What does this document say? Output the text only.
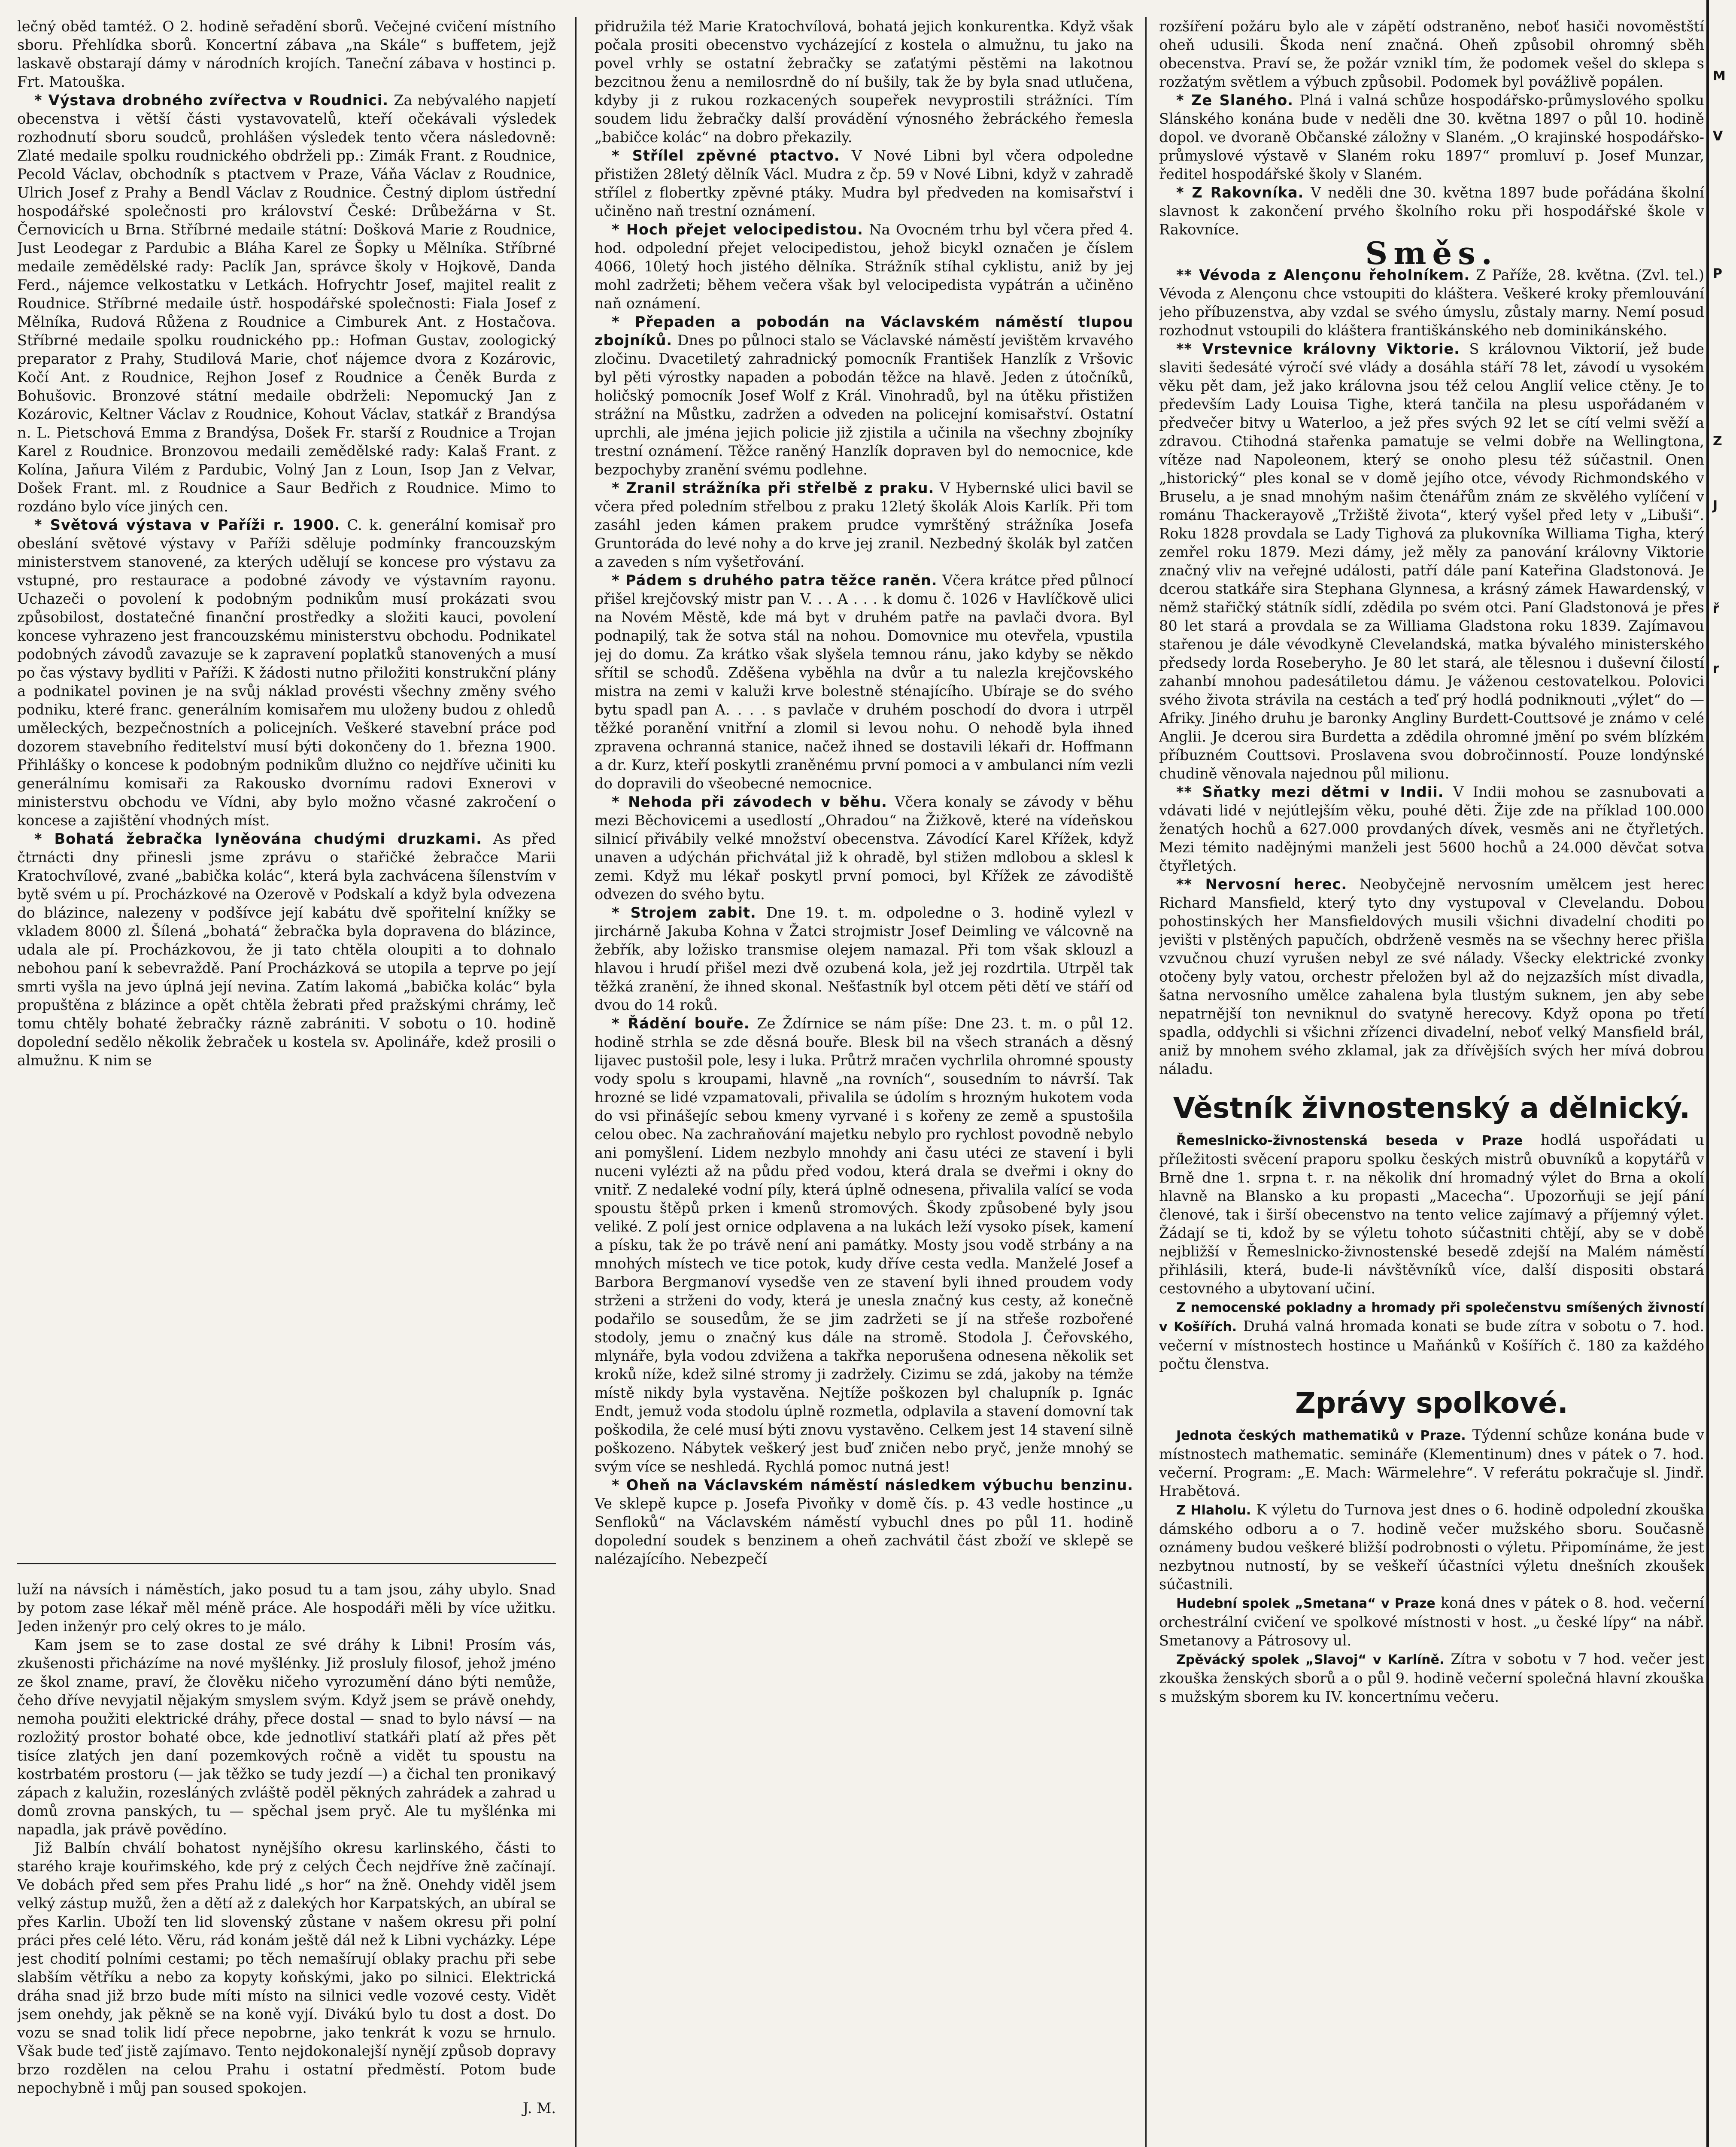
lečný oběd tamtéž. O 2. hodině seřadění sborů. Večejné cvičení místního sboru. Přehlídka sborů. Koncertní zábava „na Skále“ s buffetem, jejž laskavě obstarají dámy v národních krojích. Taneční zábava v hostinci p. Frt. Matouška.

* Výstava drobného zvířectva v Roudnici. Za nebývalého napjetí obecenstva i větší části vystavovatelů, kteří očekávali výsledek rozhodnutí sboru soudců, prohlášen výsledek tento včera následovně: Zlaté medaile spolku roudnického obdrželi pp.: Zimák Frant. z Roudnice, Pecold Václav, obchodník s ptactvem v Praze, Váňa Václav z Roudnice, Ulrich Josef z Prahy a Bendl Václav z Roudnice. Čestný diplom ústřední hospodářské společnosti pro království České: Drůbežárna v St. Černovicích u Brna. Stříbrné medaile státní: Došková Marie z Roudnice, Just Leodegar z Pardubic a Bláha Karel ze Šopky u Mělníka. Stříbrné medaile zemědělské rady: Paclík Jan, správce školy v Hojkově, Danda Ferd., nájemce velkostatku v Letkách. Hofrychtr Josef, majitel realit z Roudnice. Stříbrné medaile ústř. hospodářské společnosti: Fiala Josef z Mělníka, Rudová Růžena z Roudnice a Cimburek Ant. z Hostačova. Stříbrné medaile spolku roudnického pp.: Hofman Gustav, zoologický preparator z Prahy, Studilová Marie, choť nájemce dvora z Kozárovic, Kočí Ant. z Roudnice, Rejhon Josef z Roudnice a Čeněk Burda z Bohušovic. Bronzové státní medaile obdrželi: Nepomucký Jan z Kozárovic, Keltner Václav z Roudnice, Kohout Václav, statkář z Brandýsa n. L. Pietschová Emma z Brandýsa, Došek Fr. starší z Roudnice a Trojan Karel z Roudnice. Bronzovou medaili zemědělské rady: Kalaš Frant. z Kolína, Jaňura Vilém z Pardubic, Volný Jan z Loun, Isop Jan z Velvar, Došek Frant. ml. z Roudnice a Saur Bedřich z Roudnice. Mimo to rozdáno bylo více jiných cen.

* Světová výstava v Paříži r. 1900. C. k. generální komisař pro obeslání světové výstavy v Paříži sděluje podmínky francouzským ministerstvem stanovené, za kterých udělují se koncese pro výstavu za vstupné, pro restaurace a podobné závody ve výstavním rayonu. Uchazeči o povolení k podobným podnikům musí prokázati svou způsobilost, dostatečné finanční prostředky a složiti kauci, povolení koncese vyhrazeno jest francouzskému ministerstvu obchodu. Podnikatel podobných závodů zavazuje se k zapravení poplatků stanovených a musí po čas výstavy bydliti v Paříži. K žádosti nutno přiložiti konstrukční plány a podnikatel povinen je na svůj náklad provésti všechny změny svého podniku, které franc. generálním komisařem mu uloženy budou z ohledů uměleckých, bezpečnostních a policejních. Veškeré stavební práce pod dozorem stavebního ředitelství musí býti dokončeny do 1. března 1900. Přihlášky o koncese k podobným podnikům dlužno co nejdříve učiniti ku generálnímu komisaři za Rakousko dvornímu radovi Exnerovi v ministerstvu obchodu ve Vídni, aby bylo možno včasné zakročení o koncese a zajištění vhodných míst.

* Bohatá žebračka lyněována chudými druzkami. As před čtrnácti dny přinesli jsme zprávu o stařičké žebračce Marii Kratochvílové, zvané „babička kolác“, která byla zachvácena šílenstvím v bytě svém u pí. Procházkové na Ozerově v Podskalí a když byla odvezena do blázince, nalezeny v podšívce její kabátu dvě spořitelní knížky se vkladem 8000 zl. Šílená „bohatá“ žebračka byla dopravena do blázince, udala ale pí. Procházkovou, že ji tato chtěla oloupiti a to dohnalo nebohou paní k sebevraždě. Paní Procházková se utopila a teprve po její smrti vyšla na jevo úplná její nevina. Zatím lakomá „babička kolác“ byla propuštěna z blázince a opět chtěla žebrati před pražskými chrámy, leč tomu chtěly bohaté žebračky rázně zabrániti. V sobotu o 10. hodině dopolední sedělo několik žebraček u kostela sv. Apolináře, kdež prosili o almužnu. K nim se

luží na návsích i náměstích, jako posud tu a tam jsou, záhy ubylo. Snad by potom zase lékař měl méně práce. Ale hospodáři měli by více užitku. Jeden inženýr pro celý okres to je málo.

Kam jsem se to zase dostal ze své dráhy k Libni! Prosím vás, zkušenosti přicházíme na nové myšlénky. Již prosluly filosof, jehož jméno ze škol zname, praví, že člověku ničeho vyrozumění dáno býti nemůže, čeho dříve nevyjatil nějakým smyslem svým. Když jsem se právě onehdy, nemoha použiti elektrické dráhy, přece dostal — snad to bylo návsí — na rozložitý prostor bohaté obce, kde jednotliví statkáři platí až přes pět tisíce zlatých jen daní pozemkových ročně a vidět tu spoustu na kostrbatém prostoru (— jak těžko se tudy jezdí —) a čichal ten pronikavý zápach z kalužin, rozesláných zvláště poděl pěkných zahrádek a zahrad u domů zrovna panských, tu — spěchal jsem pryč. Ale tu myšlénka mi napadla, jak právě povědíno.

Již Balbín chválí bohatost nynějšího okresu karlinského, části to starého kraje kouřimského, kde prý z celých Čech nejdříve žně začínají. Ve dobách před sem přes Prahu lidé „s hor“ na žně. Onehdy viděl jsem velký zástup mužů, žen a dětí až z dalekých hor Karpatských, an ubíral se přes Karlin. Uboží ten lid slovenský zůstane v našem okresu při polní práci přes celé léto. Věru, rád konám ještě dál než k Libni vycházky. Lépe jest chodití polními cestami; po těch nemašírují oblaky prachu při sebe slabším větříku a nebo za kopyty koňskými, jako po silnici. Elektrická dráha snad již brzo bude míti místo na silnici vedle vozové cesty. Vidět jsem onehdy, jak pěkně se na koně vyjí. Divákú bylo tu dost a dost. Do vozu se snad tolik lidí přece nepobrne, jako tenkrát k vozu se hrnulo. Však bude teď jistě zajímavo. Tento nejdokonalejší nynějí způsob dopravy brzo rozdělen na celou Prahu i ostatní předměstí. Potom bude nepochybně i můj pan soused spokojen.

J. M.

přidružila též Marie Kratochvílová, bohatá jejich konkurentka. Když však počala prositi obecenstvo vycházející z kostela o almužnu, tu jako na povel vrhly se ostatní žebračky se zaťatými pěstěmi na lakotnou bezcitnou ženu a nemilosrdně do ní bušily, tak že by byla snad utlučena, kdyby ji z rukou rozkacených soupeřek nevyprostili strážníci. Tím soudem lidu žebračky další provádění výnosného žebráckého řemesla „babičce kolác“ na dobro překazily.

* Střílel zpěvné ptactvo. V Nové Libni byl včera odpoledne přistižen 28letý dělník Václ. Mudra z čp. 59 v Nové Libni, když v zahradě střílel z flobertky zpěvné ptáky. Mudra byl předveden na komisařství i učiněno naň trestní oznámení.

* Hoch přejet velocipedistou. Na Ovocném trhu byl včera před 4. hod. odpolední přejet velocipedistou, jehož bicykl označen je číslem 4066, 10letý hoch jistého dělníka. Strážník stíhal cyklistu, aniž by jej mohl zadržeti; během večera však byl velocipedista vypátrán a učiněno naň oznámení.

* Přepaden a pobodán na Václavském náměstí tlupou zbojníků. Dnes po půlnoci stalo se Václavské náměstí jevištěm krvavého zločinu. Dvacetiletý zahradnický pomocník František Hanzlík z Vršovic byl pěti výrostky napaden a pobodán těžce na hlavě. Jeden z útočníků, holičský pomocník Josef Wolf z Král. Vinohradů, byl na útěku přistižen strážní na Můstku, zadržen a odveden na policejní komisařství. Ostatní uprchli, ale jména jejich policie již zjistila a učinila na všechny zbojníky trestní oznámení. Těžce raněný Hanzlík dopraven byl do nemocnice, kde bezpochyby zranění svému podlehne.

* Zranil strážníka při střelbě z praku. V Hybernské ulici bavil se včera před poledním střelbou z praku 12letý školák Alois Karlík. Při tom zasáhl jeden kámen prakem prudce vymrštěný strážníka Josefa Gruntoráda do levé nohy a do krve jej zranil. Nezbedný školák byl zatčen a zaveden s ním vyšetřování.

* Pádem s druhého patra těžce raněn. Včera krátce před půlnocí přišel krejčovský mistr pan V. . . A . . . k domu č. 1026 v Havlíčkově ulici na Novém Městě, kde má byt v druhém patře na pavlači dvora. Byl podnapilý, tak že sotva stál na nohou. Domovnice mu otevřela, vpustila jej do domu. Za krátko však slyšela temnou ránu, jako kdyby se někdo sřítil se schodů. Zděšena vyběhla na dvůr a tu nalezla krejčovského mistra na zemi v kaluži krve bolestně sténajícího. Ubíraje se do svého bytu spadl pan A. . . . s pavlače v druhém poschodí do dvora i utrpěl těžké poranění vnitřní a zlomil si levou nohu. O nehodě byla ihned zpravena ochranná stanice, načež ihned se dostavili lékaři dr. Hoffmann a dr. Kurz, kteří poskytli zraněnému první pomoci a v ambulanci ním vezli do dopravili do všeobecné nemocnice.

* Nehoda při závodech v běhu. Včera konaly se závody v běhu mezi Běchovicemi a usedlostí „Ohradou“ na Žižkově, které na vídeňskou silnicí přivábily velké množství obecenstva. Závodící Karel Křížek, když unaven a udýchán přichvátal již k ohradě, byl stižen mdlobou a sklesl k zemi. Když mu lékař poskytl první pomoci, byl Křížek ze závodiště odvezen do svého bytu.

* Strojem zabit. Dne 19. t. m. odpoledne o 3. hodině vylezl v jirchárně Jakuba Kohna v Žatci strojmistr Josef Deimling ve válcovně na žebřík, aby ložisko transmise olejem namazal. Při tom však sklouzl a hlavou i hrudí přišel mezi dvě ozubená kola, jež jej rozdrtila. Utrpěl tak těžká zranění, že ihned skonal. Nešťastník byl otcem pěti dětí ve stáří od dvou do 14 roků.

* Řádění bouře. Ze Ždírnice se nám píše: Dne 23. t. m. o půl 12. hodině strhla se zde děsná bouře. Blesk bil na všech stranách a děsný lijavec pustošil pole, lesy i luka. Průtrž mračen vychrlila ohromné spousty vody spolu s kroupami, hlavně „na rovních“, sousedním to návrší. Tak hrozné se lidé vzpamatovali, přivalila se údolím s hrozným hukotem voda do vsi přinášejíc sebou kmeny vyrvané i s kořeny ze země a spustošila celou obec. Na zachraňování majetku nebylo pro rychlost povodně nebylo ani pomyšlení. Lidem nezbylo mnohdy ani času utéci ze stavení i byli nuceni vylézti až na půdu před vodou, která drala se dveřmi i okny do vnitř. Z nedaleké vodní píly, která úplně odnesena, přivalila valící se voda spoustu štěpů prken i kmenů stromových. Škody způsobené byly jsou veliké. Z polí jest ornice odplavena a na lukách leží vysoko písek, kamení a písku, tak že po trávě není ani památky. Mosty jsou vodě strbány a na mnohých místech ve tice potok, kudy dříve cesta vedla. Manželé Josef a Barbora Bergmanoví vysedše ven ze stavení byli ihned proudem vody strženi a strženi do vody, která je unesla značný kus cesty, až konečně podařilo se sousedům, že se jim zadržeti se jí na střeše rozbořené stodoly, jemu o značný kus dále na stromě. Stodola J. Čeřovského, mlynáře, byla vodou zdvižena a takřka neporušena odnesena několik set kroků níže, kdež silné stromy ji zadržely. Cizimu se zdá, jakoby na témže místě nikdy byla vystavěna. Nejtíže poškozen byl chalupník p. Ignác Endt, jemuž voda stodolu úplně rozmetla, odplavila a stavení domovní tak poškodila, že celé musí býti znovu vystavěno. Celkem jest 14 stavení silně poškozeno. Nábytek veškerý jest buď zničen nebo pryč, jenže mnohý se svým více se neshledá. Rychlá pomoc nutná jest!

* Oheň na Václavském náměstí následkem výbuchu benzinu. Ve sklepě kupce p. Josefa Pivoňky v domě čís. p. 43 vedle hostince „u Senfloků“ na Václavském náměstí vybuchl dnes po půl 11. hodině dopolední soudek s benzinem a oheň zachvátil část zboží ve sklepě se nalézajícího. Nebezpečí

rozšíření požáru bylo ale v zápětí odstraněno, neboť hasiči novoměstští oheň udusili. Škoda není značná. Oheň způsobil ohromný sběh obecenstva. Praví se, že požár vznikl tím, že podomek vešel do sklepa s rozžatým světlem a výbuch způsobil. Podomek byl povážlivě popálen.

* Ze Slaného. Plná i valná schůze hospodářsko-průmyslového spolku Slánského konána bude v neděli dne 30. května 1897 o půl 10. hodině dopol. ve dvoraně Občanské záložny v Slaném. „O krajinské hospodářsko-průmyslové výstavě v Slaném roku 1897“ promluví p. Josef Munzar, ředitel hospodářské školy v Slaném.

* Z Rakovníka. V neděli dne 30. května 1897 bude pořádána školní slavnost k zakončení prvého školního roku při hospodářské škole v Rakovníce.

Směs.

** Vévoda z Alençonu řeholníkem. Z Paříže, 28. května. (Zvl. tel.) Vévoda z Alençonu chce vstoupiti do kláštera. Veškeré kroky přemlouvání jeho příbuzenstva, aby vzdal se svého úmyslu, zůstaly marny. Nemí posud rozhodnut vstoupili do kláštera františkánského neb dominikánského.

** Vrstevnice královny Viktorie. S královnou Viktorií, jež bude slaviti šedesáté výročí své vlády a dosáhla stáří 78 let, závodí u vysokém věku pět dam, jež jako královna jsou též celou Anglií velice ctěny. Je to především Lady Louisa Tighe, která tančila na plesu uspořádaném v předvečer bitvy u Waterloo, a jež přes svých 92 let se cítí velmi svěží a zdravou. Ctihodná stařenka pamatuje se velmi dobře na Wellingtona, vítěze nad Napoleonem, který se onoho plesu též súčastnil. Onen „historický“ ples konal se v domě jejího otce, vévody Richmondského v Bruselu, a je snad mnohým našim čtenářům znám ze skvělého vylíčení v románu Thackerayově „Tržiště života“, který vyšel před lety v „Libuši“. Roku 1828 provdala se Lady Tighová za plukovníka Williama Tigha, který zemřel roku 1879. Mezi dámy, jež měly za panování královny Viktorie značný vliv na veřejné události, patří dále paní Kateřina Gladstonová. Je dcerou statkáře sira Stephana Glynnesa, a krásný zámek Hawardenský, v němž stařičký státník sídlí, zdědila po svém otci. Paní Gladstonová je přes 80 let stará a provdala se za Williama Gladstona roku 1839. Zajímavou stařenou je dále vévodkyně Clevelandská, matka bývalého ministerského předsedy lorda Roseberyho. Je 80 let stará, ale tělesnou i duševní čilostí zahanbí mnohou padesátiletou dámu. Je váženou cestovatelkou. Polovici svého života strávila na cestách a teď prý hodlá podniknouti „výlet“ do — Afriky. Jiného druhu je baronky Angliny Burdett-Couttsové je známo v celé Anglii. Je dcerou sira Burdetta a zdědila ohromné jmění po svém blízkém příbuzném Couttsovi. Proslavena svou dobročinností. Pouze londýnské chudině věnovala najednou půl milionu.

** Sňatky mezi dětmi v Indii. V Indii mohou se zasnubovati a vdávati lidé v nejútlejším věku, pouhé děti. Žije zde na příklad 100.000 ženatých hochů a 627.000 provdaných dívek, vesměs ani ne čtyřletých. Mezi témito nadějnými manželi jest 5600 hochů a 24.000 děvčat sotva čtyřletých.

** Nervosní herec. Neobyčejně nervosním umělcem jest herec Richard Mansfield, který tyto dny vystupoval v Clevelandu. Dobou pohostinských her Mansfieldových musili všichni divadelní choditi po jevišti v plstěných papučích, obdrženě vesměs na se všechny herec přišla vzvučnou chuzí vyrušen nebyl ze své nálady. Všecky elektrické zvonky otočeny byly vatou, orchestr přeložen byl až do nejzazších míst divadla, šatna nervosního umělce zahalena byla tlustým suknem, jen aby sebe nepatrnější ton nevniknul do svatyně herecovy. Když opona po třetí spadla, oddychli si všichni zřízenci divadelní, neboť velký Mansfield brál, aniž by mnohem svého zklamal, jak za dřívějších svých her mívá dobrou náladu.

Věstník živnostenský a dělnický.

Řemeslnicko-živnostenská beseda v Praze hodlá uspořádati u příležitosti svěcení praporu spolku českých mistrů obuvníků a kopytářů v Brně dne 1. srpna t. r. na několik dní hromadný výlet do Brna a okolí hlavně na Blansko a ku propasti „Macecha“. Upozorňuji se její pání členové, tak i širší obecenstvo na tento velice zajímavý a příjemný výlet. Žádají se ti, kdož by se výletu tohoto súčastniti chtějí, aby se v době nejbližší v Řemeslnicko-živnostenské besedě zdejší na Malém náměstí přihlásili, která, bude-li návštěvníků více, další dispositi obstará cestovného a ubytovaní učiní.

Z nemocenské pokladny a hromady při společenstvu smíšených živností v Košířích. Druhá valná hromada konati se bude zítra v sobotu o 7. hod. večerní v místnostech hostince u Maňánků v Košířích č. 180 za každého počtu členstva.

Zprávy spolkové.

Jednota českých mathematiků v Praze. Týdenní schůze konána bude v místnostech mathematic. semináře (Klementinum) dnes v pátek o 7. hod. večerní. Program: „E. Mach: Wärmelehre“. V referátu pokračuje sl. Jindř. Hrabětová.

Z Hlaholu. K výletu do Turnova jest dnes o 6. hodině odpolední zkouška dámského odboru a o 7. hodině večer mužského sboru. Současně oznámeny budou veškeré bližší podrobnosti o výletu. Připomínáme, že jest nezbytnou nutností, by se veškeří účastníci výletu dnešních zkoušek súčastnili.

Hudební spolek „Smetana“ v Praze koná dnes v pátek o 8. hod. večerní orchestrální cvičení ve spolkové místnosti v host. „u české lípy“ na nábř. Smetanovy a Pátrosovy ul.

Zpěvácký spolek „Slavoj“ v Karlíně. Zítra v sobotu v 7 hod. večer jest zkouška ženských sborů a o půl 9. hodině večerní společná hlavní zkouška s mužským sborem ku IV. koncertnímu večeru.

M
V
P
Z
J
ř
r
